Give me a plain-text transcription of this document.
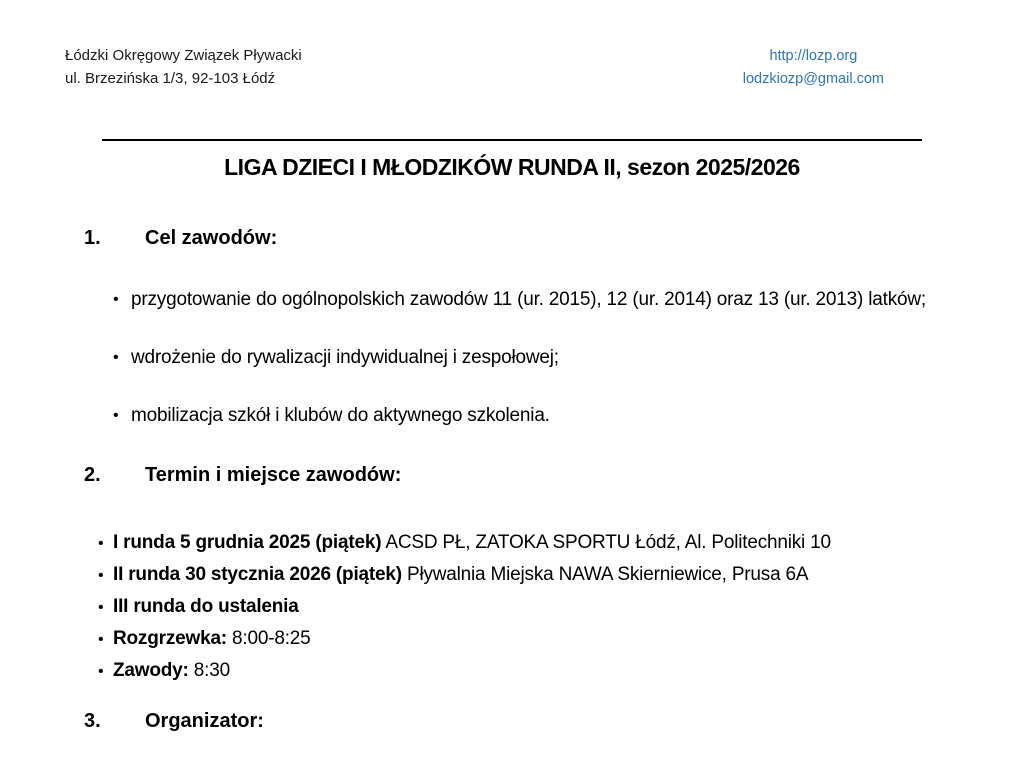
Łódzki Okręgowy Związek Pływacki
ul. Brzezińska 1/3, 92-103 Łódź
http://lozp.org
lodzkiozp@gmail.com
LIGA DZIECI I MŁODZIKÓW RUNDA II, sezon 2025/2026
1.	Cel zawodów:
• przygotowanie do ogólnopolskich zawodów 11 (ur. 2015), 12 (ur. 2014) oraz 13 (ur. 2013) latków;
• wdrożenie do rywalizacji indywidualnej i zespołowej;
• mobilizacja szkół i klubów do aktywnego szkolenia.
2.	Termin i miejsce zawodów:
• I runda 5 grudnia 2025 (piątek) ACSD PŁ, ZATOKA SPORTU Łódź, Al. Politechniki 10
• II runda 30 stycznia 2026 (piątek) Pływalnia Miejska NAWA Skierniewice, Prusa 6A
• III runda do ustalenia
• Rozgrzewka: 8:00-8:25
• Zawody: 8:30
3.	Organizator:
